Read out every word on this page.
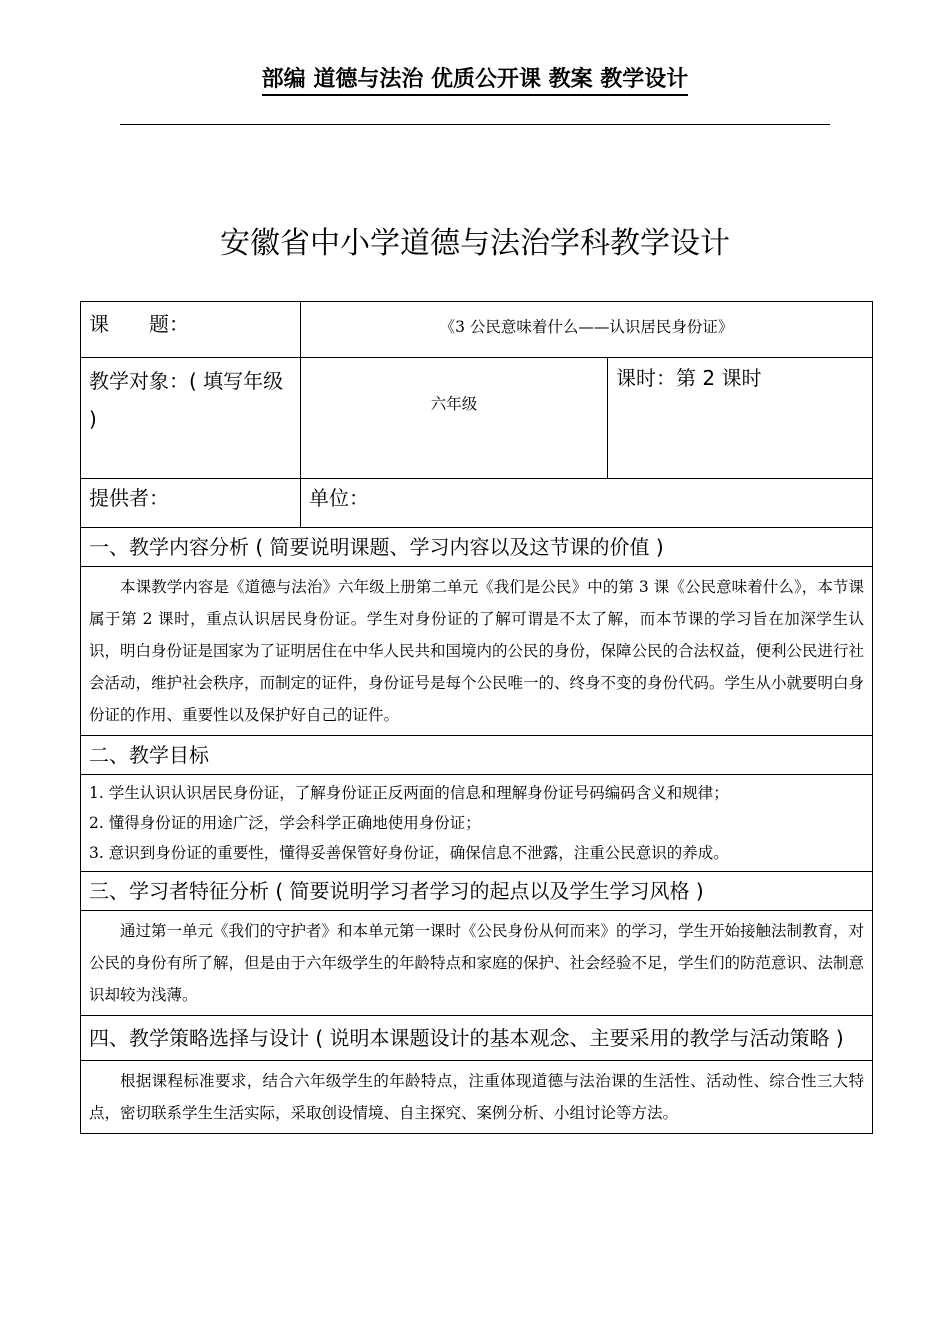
部编 道德与法治 优质公开课 教案 教学设计
安徽省中小学道德与法治学科教学设计
课　　题：	《3 公民意味着什么——认识居民身份证》	
教学对象：( 填写年级 )	六年级	课时：第 2 课时
提供者：	单位：	
一、教学内容分析 ( 简要说明课题、学习内容以及这节课的价值 )		
本课教学内容是《道德与法治》六年级上册第二单元《我们是公民》中的第 3 课《公民意味着什么》，本节课属于第 2 课时，重点认识居民身份证。学生对身份证的了解可谓是不太了解，而本节课的学习旨在加深学生认识，明白身份证是国家为了证明居住在中华人民共和国境内的公民的身份，保障公民的合法权益，便利公民进行社会活动，维护社会秩序，而制定的证件，身份证号是每个公民唯一的、终身不变的身份代码。学生从小就要明白身份证的作用、重要性以及保护好自己的证件。		
二、教学目标		

1. 学生认识认识居民身份证，了解身份证正反两面的信息和理解身份证号码编码含义和规律；
2. 懂得身份证的用途广泛，学会科学正确地使用身份证；
3. 意识到身份证的重要性，懂得妥善保管好身份证，确保信息不泄露，注重公民意识的养成。		

三、学习者特征分析 ( 简要说明学习者学习的起点以及学生学习风格 )		
通过第一单元《我们的守护者》和本单元第一课时《公民身份从何而来》的学习，学生开始接触法制教育，对公民的身份有所了解，但是由于六年级学生的年龄特点和家庭的保护、社会经验不足，学生们的防范意识、法制意识却较为浅薄。		
四、教学策略选择与设计 ( 说明本课题设计的基本观念、主要采用的教学与活动策略 )		
根据课程标准要求，结合六年级学生的年龄特点，注重体现道德与法治课的生活性、活动性、综合性三大特点，密切联系学生生活实际，采取创设情境、自主探究、案例分析、小组讨论等方法。		
